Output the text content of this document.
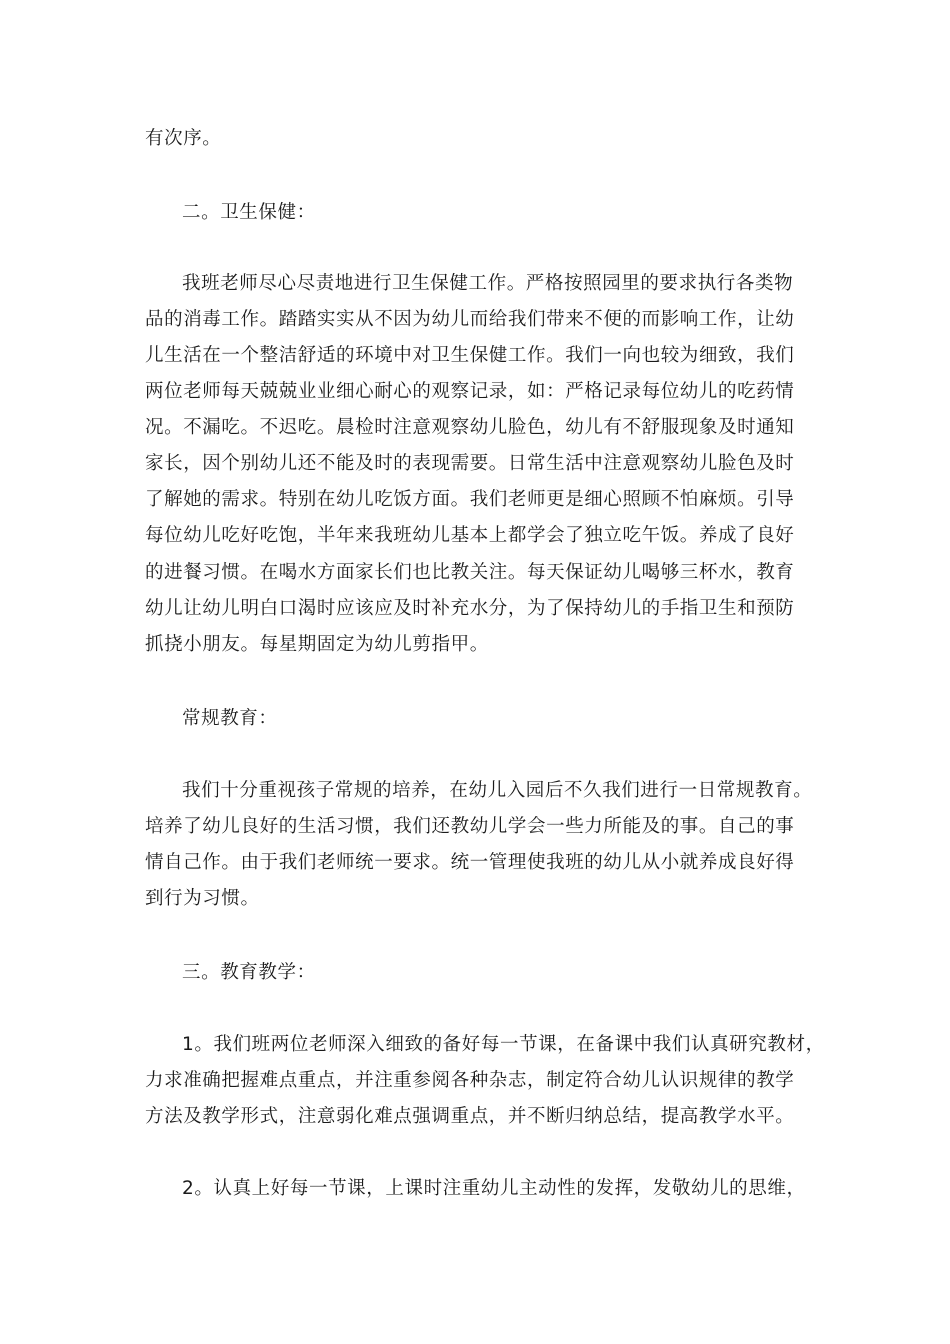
有次序。
二。卫生保健：
我班老师尽心尽责地进行卫生保健工作。严格按照园里的要求执行各类物
品的消毒工作。踏踏实实从不因为幼儿而给我们带来不便的而影响工作，让幼
儿生活在一个整洁舒适的环境中对卫生保健工作。我们一向也较为细致，我们
两位老师每天兢兢业业细心耐心的观察记录，如：严格记录每位幼儿的吃药情
况。不漏吃。不迟吃。晨检时注意观察幼儿脸色，幼儿有不舒服现象及时通知
家长，因个别幼儿还不能及时的表现需要。日常生活中注意观察幼儿脸色及时
了解她的需求。特别在幼儿吃饭方面。我们老师更是细心照顾不怕麻烦。引导
每位幼儿吃好吃饱，半年来我班幼儿基本上都学会了独立吃午饭。养成了良好
的进餐习惯。在喝水方面家长们也比教关注。每天保证幼儿喝够三杯水，教育
幼儿让幼儿明白口渴时应该应及时补充水分，为了保持幼儿的手指卫生和预防
抓挠小朋友。每星期固定为幼儿剪指甲。
常规教育：
我们十分重视孩子常规的培养，在幼儿入园后不久我们进行一日常规教育。
培养了幼儿良好的生活习惯，我们还教幼儿学会一些力所能及的事。自己的事
情自己作。由于我们老师统一要求。统一管理使我班的幼儿从小就养成良好得
到行为习惯。
三。教育教学：
1。我们班两位老师深入细致的备好每一节课，在备课中我们认真研究教材，
力求准确把握难点重点，并注重参阅各种杂志，制定符合幼儿认识规律的教学
方法及教学形式，注意弱化难点强调重点，并不断归纳总结，提高教学水平。
2。认真上好每一节课，上课时注重幼儿主动性的发挥，发敬幼儿的思维，
